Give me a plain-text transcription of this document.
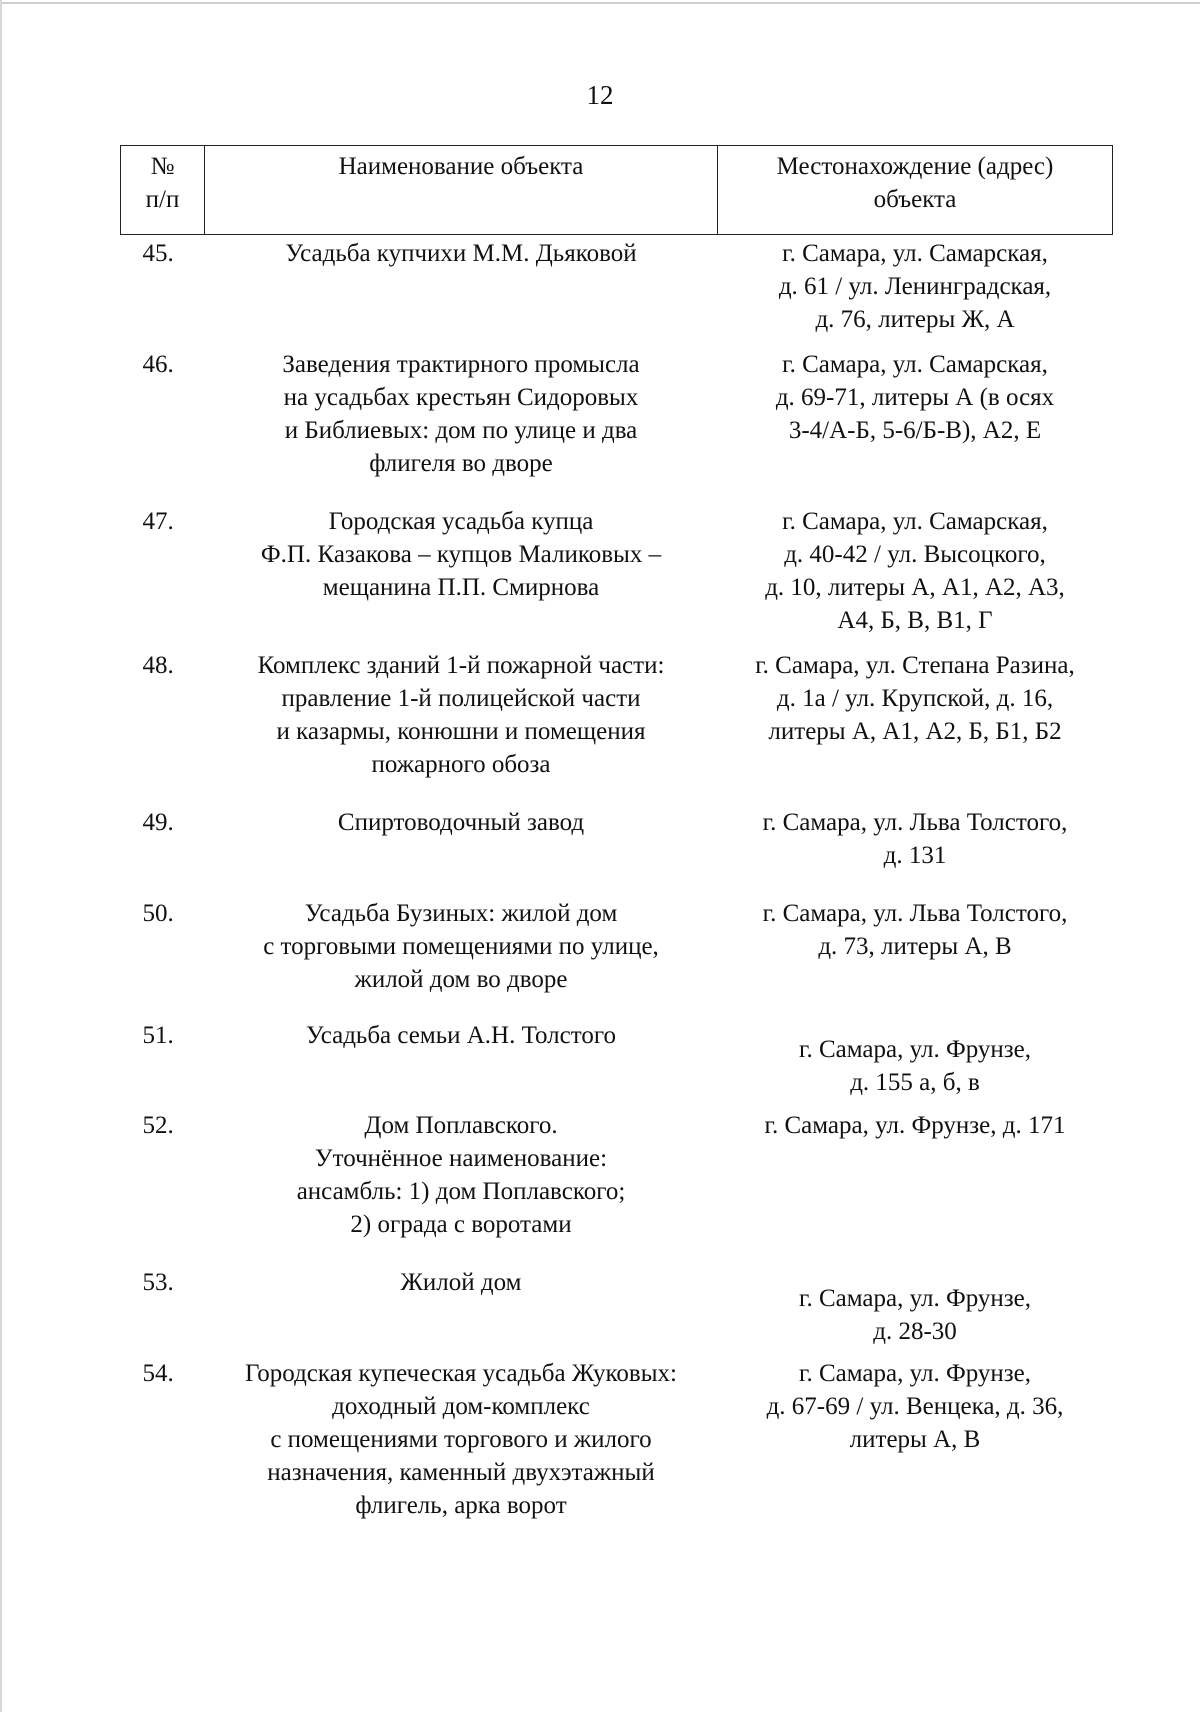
12
№
п/п	Наименование объекта	Местонахождение (адрес)
объекта
45.	Усадьба купчихи М.М. Дьяковой	г. Самара, ул. Самарская,
д. 61 / ул. Ленинградская,
д. 76, литеры Ж, А
46.	Заведения трактирного промысла
на усадьбах крестьян Сидоровых
и Библиевых: дом по улице и два
флигеля во дворе	г. Самара, ул. Самарская,
д. 69-71, литеры А (в осях
3-4/А-Б, 5-6/Б-В), А2, Е
47.	Городская усадьба купца
Ф.П. Казакова – купцов Маликовых –
мещанина П.П. Смирнова	г. Самара, ул. Самарская,
д. 40-42 / ул. Высоцкого,
д. 10, литеры А, А1, А2, А3,
А4, Б, В, В1, Г
48.	Комплекс зданий 1-й пожарной части:
правление 1-й полицейской части
и казармы, конюшни и помещения
пожарного обоза	г. Самара, ул. Степана Разина,
д. 1а / ул. Крупской, д. 16,
литеры А, А1, А2, Б, Б1, Б2
49.	Спиртоводочный завод	г. Самара, ул. Льва Толстого,
д. 131
50.	Усадьба Бузиных: жилой дом
с торговыми помещениями по улице,
жилой дом во дворе	г. Самара, ул. Льва Толстого,
д. 73, литеры А, В
51.	Усадьба семьи А.Н. Толстого	г. Самара, ул. Фрунзе,
д. 155 а, б, в
52.	Дом Поплавского.
Уточнённое наименование:
ансамбль: 1) дом Поплавского;
2) ограда с воротами	г. Самара, ул. Фрунзе, д. 171
53.	Жилой дом	г. Самара, ул. Фрунзе,
д. 28-30
54.	Городская купеческая усадьба Жуковых:
доходный дом-комплекс
с помещениями торгового и жилого
назначения, каменный двухэтажный
флигель, арка ворот	г. Самара, ул. Фрунзе,
д. 67-69 / ул. Венцека, д. 36,
литеры А, В
